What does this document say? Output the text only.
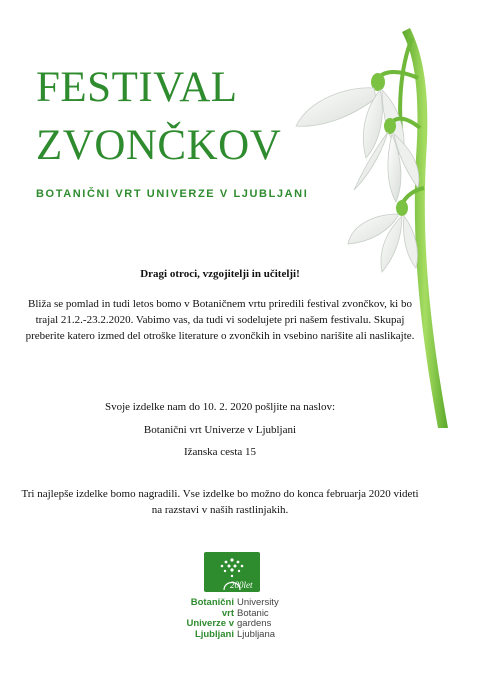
FESTIVAL
ZVONČKOV

BOTANIČNI VRT UNIVERZE V LJUBLJANI

Dragi otroci, vzgojitelji in učitelji!
Bliža se pomlad in tudi letos bomo v Botaničnem vrtu priredili festival zvončkov, ki bo trajal 21.2.-23.2.2020. Vabimo vas, da tudi vi sodelujete pri našem festivalu. Skupaj preberite katero izmed del otroške literature o zvončkih in vsebino narišite ali naslikajte.
Svoje izdelke nam do 10. 2. 2020 pošljite na naslov:
Botanični vrt Univerze v Ljubljani
Ižanska cesta 15
Tri najlepše izdelke bomo nagradili. Vse izdelke bo možno do konca februarja 2020 videti na razstavi v naših rastlinjakih.
200let
Botanični
vrt
Univerze v
Ljubljani
University
Botanic
gardens
Ljubljana
